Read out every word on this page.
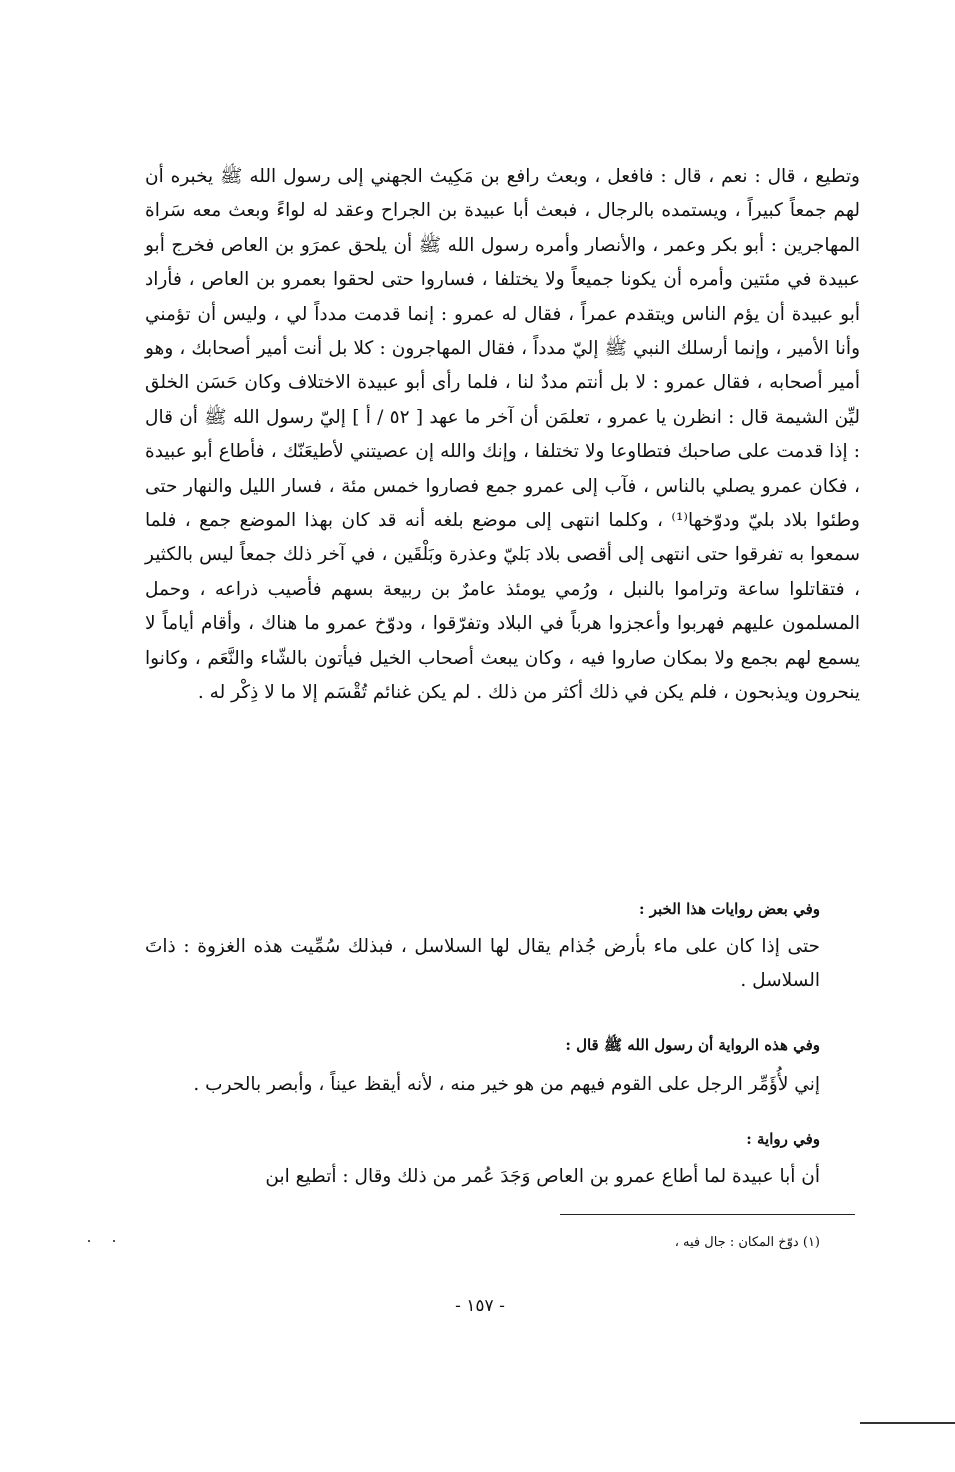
وتطيع ، قال : نعم ، قال : فافعل ، وبعث رافع بن مَكِيث الجهني إلى رسول الله ﷺ يخبره أن لهم جمعاً كبيراً ، ويستمده بالرجال ، فبعث أبا عبيدة بن الجراح وعقد له لواءً وبعث معه سَراة المهاجرين : أبو بكر وعمر ، والأنصار وأمره رسول الله ﷺ أن يلحق عمرَو بن العاص فخرج أبو عبيدة في مئتين وأمره أن يكونا جميعاً ولا يختلفا ، فساروا حتى لحقوا بعمرو بن العاص ، فأراد أبو عبيدة أن يؤم الناس ويتقدم عمراً ، فقال له عمرو : إنما قدمت مدداً لي ، وليس أن تؤمني وأنا الأمير ، وإنما أرسلك النبي ﷺ إليّ مدداً ، فقال المهاجرون : كلا بل أنت أمير أصحابك ، وهو أمير أصحابه ، فقال عمرو : لا بل أنتم مددٌ لنا ، فلما رأى أبو عبيدة الاختلاف وكان حَسَن الخلق ليِّن الشيمة قال : انظرن يا عمرو ، تعلمَن أن آخر ما عهد [ ٥٢ / أ ] إليّ رسول الله ﷺ أن قال : إذا قدمت على صاحبك فتطاوعا ولا تختلفا ، وإنك والله إن عصيتني لأطيعَنّك ، فأطاع أبو عبيدة ، فكان عمرو يصلي بالناس ، فآب إلى عمرو جمع فصاروا خمس مئة ، فسار الليل والنهار حتى وطئوا بلاد بليّ ودوّخها⁽¹⁾ ، وكلما انتهى إلى موضع بلغه أنه قد كان بهذا الموضع جمع ، فلما سمعوا به تفرقوا حتى انتهى إلى أقصى بلاد بَليّ وعذرة وبَلْقَين ، في آخر ذلك جمعاً ليس بالكثير ، فتقاتلوا ساعة وتراموا بالنبل ، ورُمي يومئذ عامرٌ بن ربيعة بسهم فأصيب ذراعه ، وحمل المسلمون عليهم فهربوا وأعجزوا هرباً في البلاد وتفرّقوا ، ودوّخ عمرو ما هناك ، وأقام أياماً لا يسمع لهم بجمع ولا بمكان صاروا فيه ، وكان يبعث أصحاب الخيل فيأتون بالشّاء والنَّعَم ، وكانوا ينحرون ويذبحون ، فلم يكن في ذلك أكثر من ذلك . لم يكن غنائم تُقْسَم إلا ما لا ذِكْر له .

وفي بعض روايات هذا الخبر :

حتى إذا كان على ماء بأرض جُذام يقال لها السلاسل ، فبذلك سُمِّيت هذه الغزوة : ذاتَ السلاسل .

وفي هذه الرواية أن رسول الله ﷺ قال :

إني لأُؤَمِّر الرجل على القوم فيهم من هو خير منه ، لأنه أيقظ عيناً ، وأبصر بالحرب .

وفي رواية :

أن أبا عبيدة لما أطاع عمرو بن العاص وَجَدَ عُمر من ذلك وقال : أتطيع ابن

(١) دوّخ المكان : جال فيه ،

- ١٥٧ -
